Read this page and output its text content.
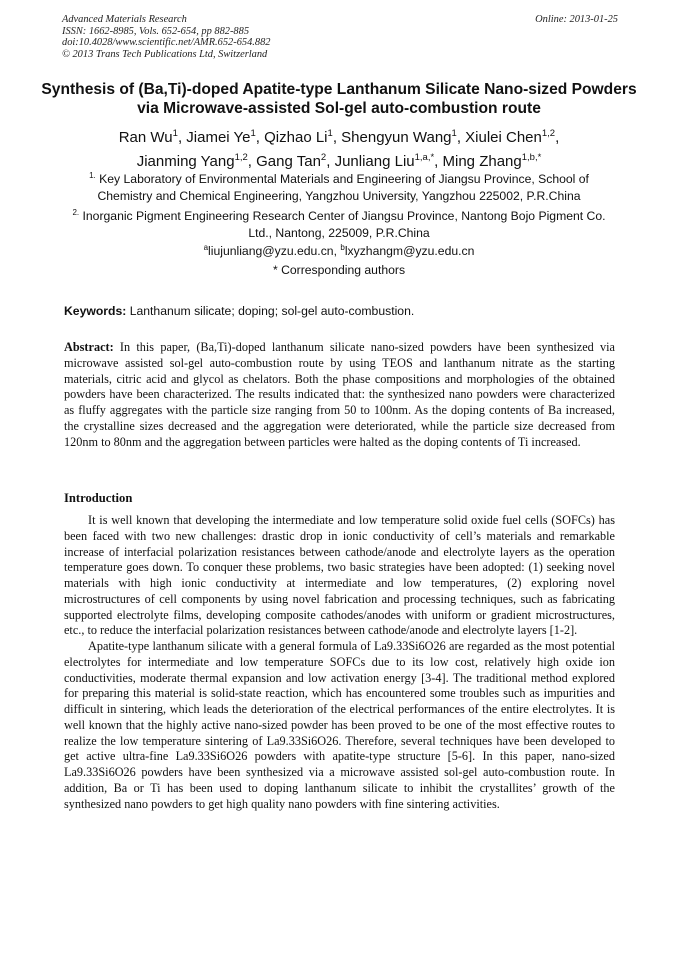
Advanced Materials Research
ISSN: 1662-8985, Vols. 652-654, pp 882-885
doi:10.4028/www.scientific.net/AMR.652-654.882
© 2013 Trans Tech Publications Ltd, Switzerland
Online: 2013-01-25
Synthesis of (Ba,Ti)-doped Apatite-type Lanthanum Silicate Nano-sized Powders via Microwave-assisted Sol-gel auto-combustion route
Ran Wu$^1$, Jiamei Ye$^1$, Qizhao Li$^1$, Shengyun Wang$^1$, Xiulei Chen$^{1,2}$,
Jianming Yang$^{1,2}$, Gang Tan$^2$, Junliang Liu$^{1,a,*}$, Ming Zhang$^{1,b,*}$
$^{1.}$ Key Laboratory of Environmental Materials and Engineering of Jiangsu Province, School of Chemistry and Chemical Engineering, Yangzhou University, Yangzhou 225002, P.R.China
$^{2.}$ Inorganic Pigment Engineering Research Center of Jiangsu Province, Nantong Bojo Pigment Co. Ltd., Nantong, 225009, P.R.China
$^a$liujunliang@yzu.edu.cn, $^b$lxyzhangm@yzu.edu.cn
* Corresponding authors
Keywords: Lanthanum silicate; doping; sol-gel auto-combustion.
Abstract: In this paper, (Ba,Ti)-doped lanthanum silicate nano-sized powders have been synthesized via microwave assisted sol-gel auto-combustion route by using TEOS and lanthanum nitrate as the starting materials, citric acid and glycol as chelators. Both the phase compositions and morphologies of the obtained powders have been characterized. The results indicated that: the synthesized nano powders were characterized as fluffy aggregates with the particle size ranging from 50 to 100nm. As the doping contents of Ba increased, the crystalline sizes decreased and the aggregation were deteriorated, while the particle size decreased from 120nm to 80nm and the aggregation between particles were halted as the doping contents of Ti increased.
Introduction

It is well known that developing the intermediate and low temperature solid oxide fuel cells (SOFCs) has been faced with two new challenges: drastic drop in ionic conductivity of cell’s materials and remarkable increase of interfacial polarization resistances between cathode/anode and electrolyte layers as the operation temperature goes down. To conquer these problems, two basic strategies have been adopted: (1) seeking novel materials with high ionic conductivity at intermediate and low temperatures, (2) exploring novel microstructures of cell components by using novel fabrication and processing techniques, such as fabricating supported electrolyte films, developing composite cathodes/anodes with uniform or gradient microstructures, etc., to reduce the interfacial polarization resistances between cathode/anode and electrolyte layers [1-2].

Apatite-type lanthanum silicate with a general formula of La9.33Si6O26 are regarded as the most potential electrolytes for intermediate and low temperature SOFCs due to its low cost, relatively high oxide ion conductivities, moderate thermal expansion and low activation energy [3-4]. The traditional method explored for preparing this material is solid-state reaction, which has encountered some troubles such as impurities and difficult in sintering, which leads the deterioration of the electrical performances of the entire electrolytes. It is well known that the highly active nano-sized powder has been proved to be one of the most effective routes to realize the low temperature sintering of La9.33Si6O26. Therefore, several techniques have been developed to get active ultra-fine La9.33Si6O26 powders with apatite-type structure [5-6]. In this paper, nano-sized La9.33Si6O26 powders have been synthesized via a microwave assisted sol-gel auto-combustion route. In addition, Ba or Ti has been used to doping lanthanum silicate to inhibit the crystallites’ growth of the synthesized nano powders to get high quality nano powders with fine sintering activities.
